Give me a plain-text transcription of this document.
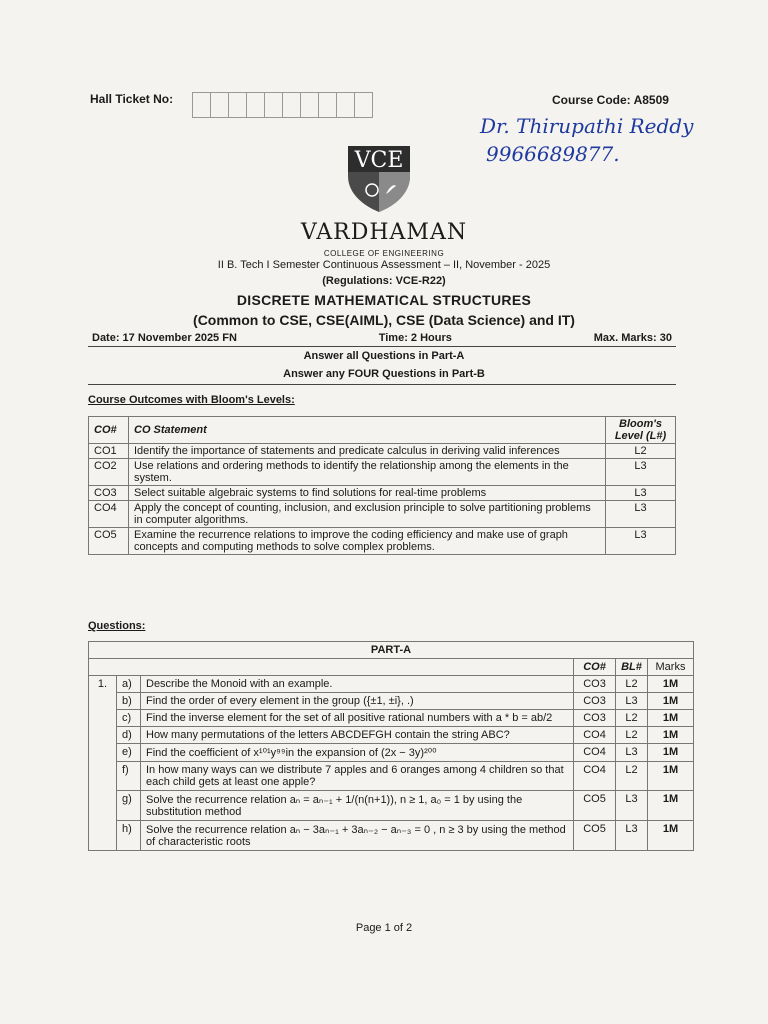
Hall Ticket No:	Course Code: A8509
Dr. Thirupathi Reddy
9966689877.
VCE
VARDHAMAN
COLLEGE OF ENGINEERING
II B. Tech I Semester Continuous Assessment – II, November - 2025
(Regulations: VCE-R22)
DISCRETE MATHEMATICAL STRUCTURES
(Common to CSE, CSE(AIML), CSE (Data Science) and IT)
Date: 17 November 2025 FN	Time: 2 Hours	Max. Marks: 30
Answer all Questions in Part-A
Answer any FOUR Questions in Part-B
Course Outcomes with Bloom's Levels:
CO#	CO Statement	Bloom's Level (L#)
CO1	Identify the importance of statements and predicate calculus in deriving valid inferences	L2
CO2	Use relations and ordering methods to identify the relationship among the elements in the system.	L3
CO3	Select suitable algebraic systems to find solutions for real-time problems	L3
CO4	Apply the concept of counting, inclusion, and exclusion principle to solve partitioning problems in computer algorithms.	L3
CO5	Examine the recurrence relations to improve the coding efficiency and make use of graph concepts and computing methods to solve complex problems.	L3
Questions:
PART-A					
			CO#	BL#	Marks
1.	a)	Describe the Monoid with an example.	CO3	L2	1M
	b)	Find the order of every element in the group ({±1, ±i}, .)	CO3	L3	1M
	c)	Find the inverse element for the set of all positive rational numbers with a * b = ab/2	CO3	L2	1M
	d)	How many permutations of the letters ABCDEFGH contain the string ABC?	CO4	L2	1M
	e)	Find the coefficient of x¹⁰¹y⁹⁹in the expansion of (2x − 3y)²⁰⁰	CO4	L3	1M
	f)	In how many ways can we distribute 7 apples and 6 oranges among 4 children so that each child gets at least one apple?	CO4	L2	1M
	g)	Solve the recurrence relation aₙ = aₙ₋₁ + 1/(n(n+1)), n ≥ 1, a₀ = 1 by using the substitution method	CO5	L3	1M
	h)	Solve the recurrence relation aₙ − 3aₙ₋₁ + 3aₙ₋₂ − aₙ₋₃ = 0 , n ≥ 3 by using the method of characteristic roots	CO5	L3	1M
Page 1 of 2
